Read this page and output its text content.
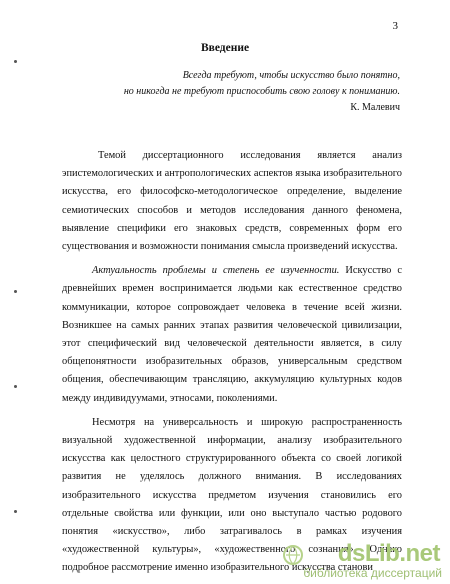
3
Введение
Всегда требуют, чтобы искусство было понятно,
но никогда не требуют приспособить свою голову к пониманию.
К. Малевич

Темой диссертационного исследования является анализ эпистемологических и антропологических аспектов языка изобразительного искусства, его философско-методологическое определение, выделение семиотических способов и методов исследования данного феномена, выявление специфики его знаковых средств, современных форм его существования и возможности понимания смысла произведений искусства.

Актуальность проблемы и степень ее изученности. Искусство с древнейших времен воспринимается людьми как естественное средство коммуникации, которое сопровождает человека в течение всей жизни. Возникшее на самых ранних этапах развития человеческой цивилизации, этот специфический вид человеческой деятельности является, в силу общепонятности изобразительных образов, универсальным средством общения, обеспечивающим трансляцию, аккумуляцию культурных кодов между индивидуумами, этносами, поколениями.

Несмотря на универсальность и широкую распространенность визуальной художественной информации, анализу изобразительного искусства как целостного структурированного объекта со своей логикой развития не уделялось должного внимания. В исследованиях изобразительного искусства предметом изучения становились его отдельные свойства или функции, или оно выступало частью родового понятия «искусство», либо затрагивалось в рамках изучения «художественной культуры», «художественного сознания». Однако подробное рассмотрение именно изобразительного искусства станови

dsLib.net
библиотека диссертаций
